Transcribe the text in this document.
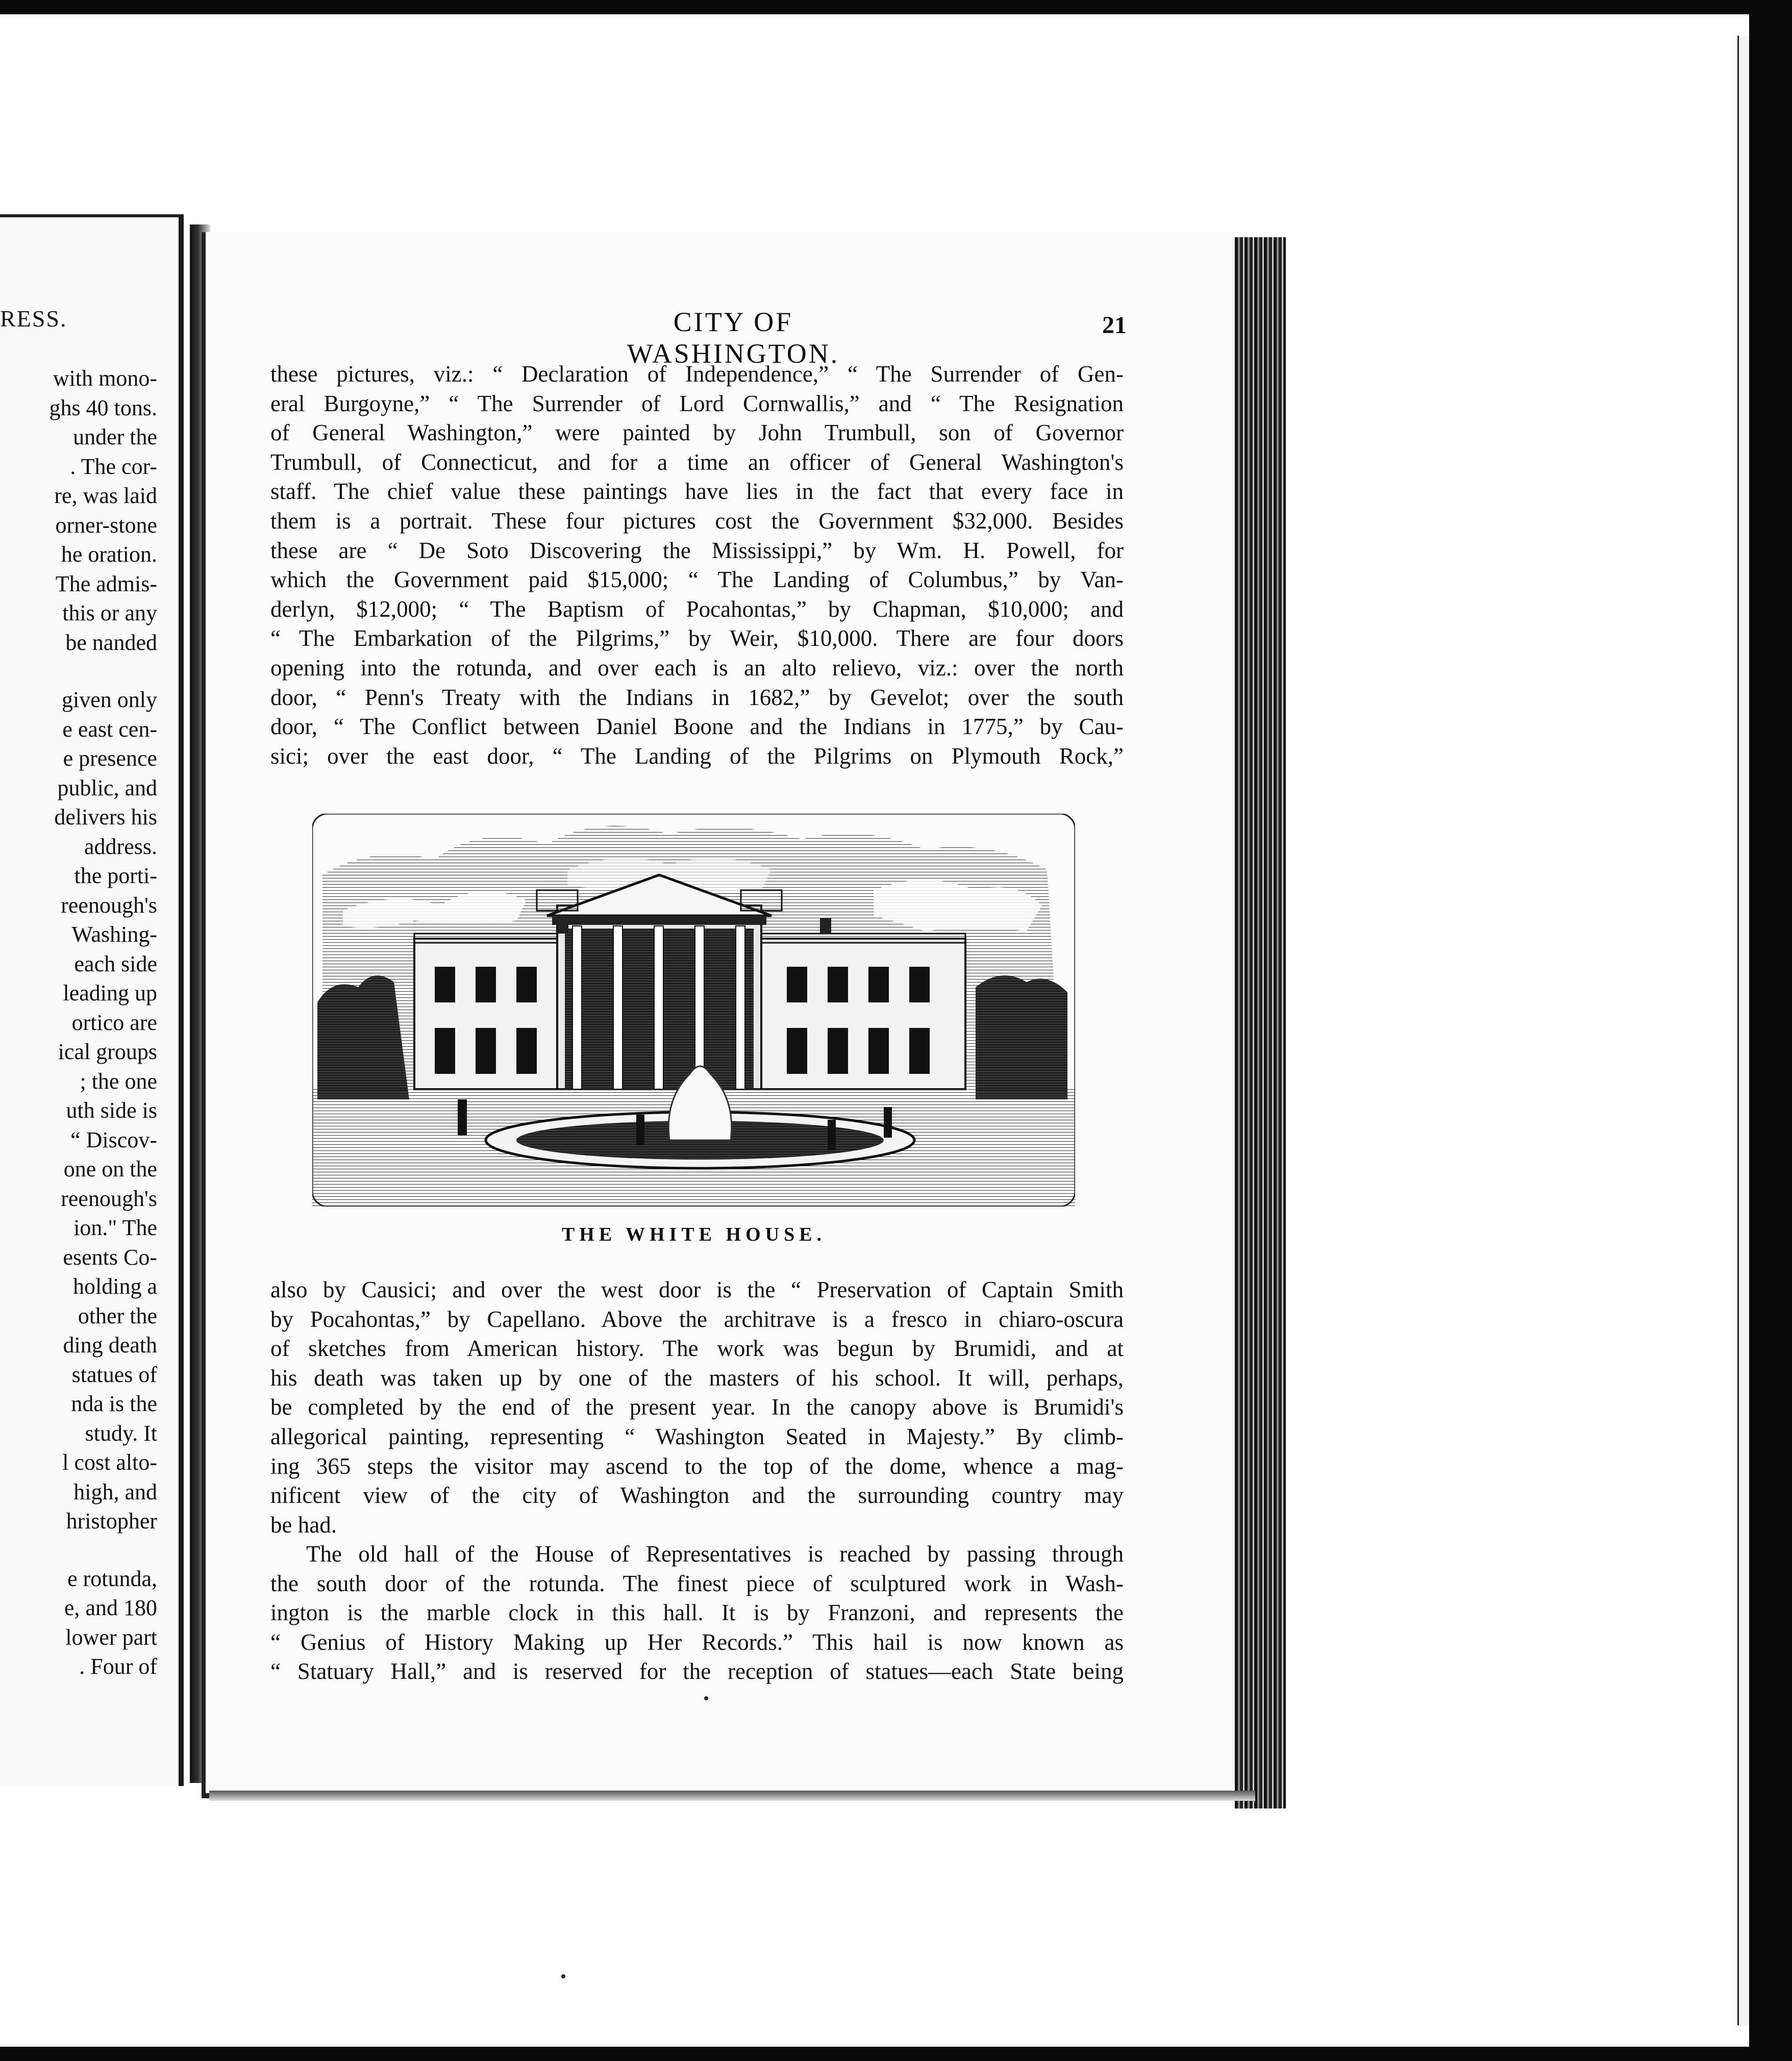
RESS.

with mono-
ghs 40 tons.
under the
. The cor-
re, was laid
orner-stone
he oration.
The admis-
this or any
be nanded
given only
e east cen-
e presence
public, and
delivers his
address.
the porti-
reenough's
Washing-
each side
leading up
ortico are
ical groups
; the one
uth side is
“ Discov-
one on the
reenough's
ion." The
esents Co-
holding a
other the
ding death
statues of
nda is the
study. It
l cost alto-
high, and
hristopher
e rotunda,
e, and 180
lower part
. Four of
CITY OF WASHINGTON.
21
these pictures, viz.: “ Declaration of Independence,” “ The Surrender of Gen-
eral Burgoyne,” “ The Surrender of Lord Cornwallis,” and “ The Resignation
of General Washington,” were painted by John Trumbull, son of Governor
Trumbull, of Connecticut, and for a time an officer of General Washington's
staff. The chief value these paintings have lies in the fact that every face in
them is a portrait. These four pictures cost the Government $32,000. Besides
these are “ De Soto Discovering the Mississippi,” by Wm. H. Powell, for
which the Government paid $15,000; “ The Landing of Columbus,” by Van-
derlyn, $12,000; “ The Baptism of Pocahontas,” by Chapman, $10,000; and
“ The Embarkation of the Pilgrims,” by Weir, $10,000. There are four doors
opening into the rotunda, and over each is an alto relievo, viz.: over the north
door, “ Penn's Treaty with the Indians in 1682,” by Gevelot; over the south
door, “ The Conflict between Daniel Boone and the Indians in 1775,” by Cau-
sici; over the east door, “ The Landing of the Pilgrims on Plymouth Rock,”
THE WHITE HOUSE.
also by Causici; and over the west door is the “ Preservation of Captain Smith
by Pocahontas,” by Capellano. Above the architrave is a fresco in chiaro-oscura
of sketches from American history. The work was begun by Brumidi, and at
his death was taken up by one of the masters of his school. It will, perhaps,
be completed by the end of the present year. In the canopy above is Brumidi's
allegorical painting, representing “ Washington Seated in Majesty.” By climb-
ing 365 steps the visitor may ascend to the top of the dome, whence a mag-
nificent view of the city of Washington and the surrounding country may
be had.
The old hall of the House of Representatives is reached by passing through
the south door of the rotunda. The finest piece of sculptured work in Wash-
ington is the marble clock in this hall. It is by Franzoni, and represents the
“ Genius of History Making up Her Records.” This hail is now known as
“ Statuary Hall,” and is reserved for the reception of statues—each State being
